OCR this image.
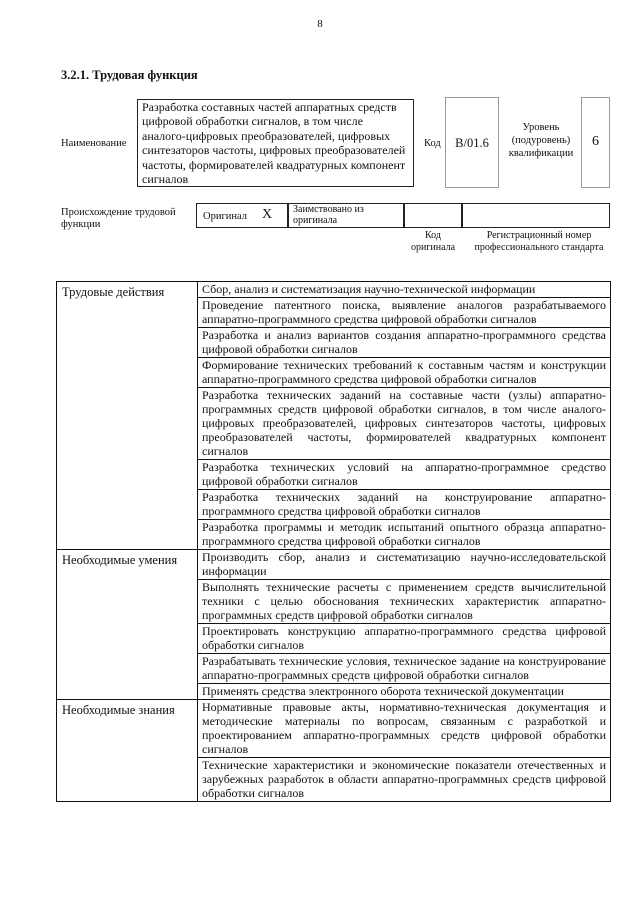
8
3.2.1. Трудовая функция
Наименование
Разработка составных частей аппаратных средств цифровой обработки сигналов, в том числе аналого-цифровых преобразователей, цифровых синтезаторов частоты, цифровых преобразователей частоты, формирователей квадратурных компонент сигналов
Код	В/01.6
Уровень (подуровень) квалификации
6
Происхождение трудовой функции
Оригинал X Заимствовано из оригинала
Код оригинала
Регистрационный номер профессионального стандарта
Трудовые действия	Сбор, анализ и систематизация научно-технической информации
	Проведение патентного поиска, выявление аналогов разрабатываемого аппаратно-программного средства цифровой обработки сигналов
	Разработка и анализ вариантов создания аппаратно-программного средства цифровой обработки сигналов
	Формирование технических требований к составным частям и конструкции аппаратно-программного средства цифровой обработки сигналов
	Разработка технических заданий на составные части (узлы) аппаратно-программных средств цифровой обработки сигналов, в том числе аналого-цифровых преобразователей, цифровых синтезаторов частоты, цифровых преобразователей частоты, формирователей квадратурных компонент сигналов
	Разработка технических условий на аппаратно-программное средство цифровой обработки сигналов
	Разработка технических заданий на конструирование аппаратно-программного средства цифровой обработки сигналов
	Разработка программы и методик испытаний опытного образца аппаратно-программного средства цифровой обработки сигналов
Необходимые умения	Производить сбор, анализ и систематизацию научно-исследовательской информации
	Выполнять технические расчеты с применением средств вычислительной техники с целью обоснования технических характеристик аппаратно-программных средств цифровой обработки сигналов
	Проектировать конструкцию аппаратно-программного средства цифровой обработки сигналов
	Разрабатывать технические условия, техническое задание на конструирование аппаратно-программных средств цифровой обработки сигналов
	Применять средства электронного оборота технической документации
Необходимые знания	Нормативные правовые акты, нормативно-техническая документация и методические материалы по вопросам, связанным с разработкой и проектированием аппаратно-программных средств цифровой обработки сигналов
	Технические характеристики и экономические показатели отечественных и зарубежных разработок в области аппаратно-программных средств цифровой обработки сигналов
